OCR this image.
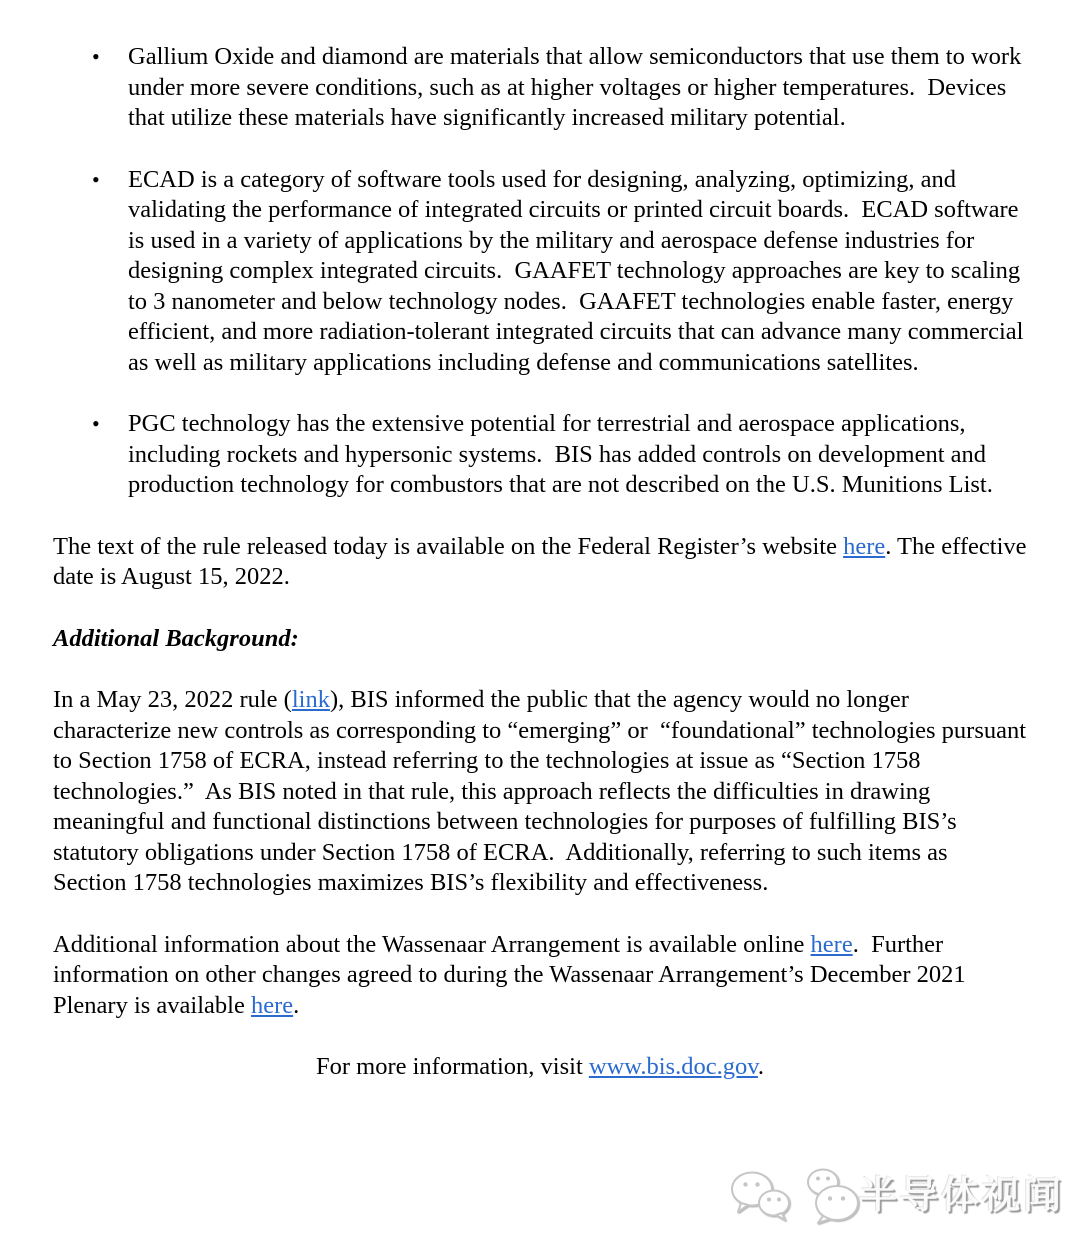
•	Gallium Oxide and diamond are materials that allow semiconductors that use them to work under more severe conditions, such as at higher voltages or higher temperatures.  Devices that utilize these materials have significantly increased military potential.
•	ECAD is a category of software tools used for designing, analyzing, optimizing, and validating the performance of integrated circuits or printed circuit boards.  ECAD software is used in a variety of applications by the military and aerospace defense industries for designing complex integrated circuits.  GAAFET technology approaches are key to scaling to 3 nanometer and below technology nodes.  GAAFET technologies enable faster, energy efficient, and more radiation-tolerant integrated circuits that can advance many commercial as well as military applications including defense and communications satellites.
•	PGC technology has the extensive potential for terrestrial and aerospace applications, including rockets and hypersonic systems.  BIS has added controls on development and production technology for combustors that are not described on the U.S. Munitions List.

The text of the rule released today is available on the Federal Register’s website here. The effective date is August 15, 2022.

Additional Background:

In a May 23, 2022 rule (link), BIS informed the public that the agency would no longer characterize new controls as corresponding to “emerging” or  “foundational” technologies pursuant to Section 1758 of ECRA, instead referring to the technologies at issue as “Section 1758 technologies.”  As BIS noted in that rule, this approach reflects the difficulties in drawing meaningful and functional distinctions between technologies for purposes of fulfilling BIS’s statutory obligations under Section 1758 of ECRA.  Additionally, referring to such items as Section 1758 technologies maximizes BIS’s flexibility and effectiveness.

Additional information about the Wassenaar Arrangement is available online here.  Further information on other changes agreed to during the Wassenaar Arrangement’s December 2021 Plenary is available here.

For more information, visit www.bis.doc.gov.

半导体视闻
